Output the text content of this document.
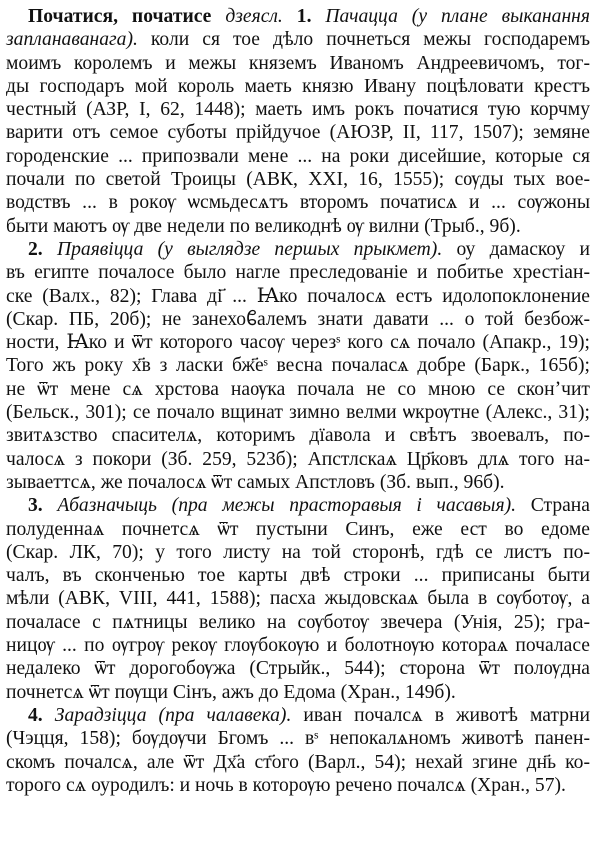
Початися, початисе дзеясл. 1. Пачацца (у плане выканання
запланаванага). коли ся тое дѣло почнеться межы господаремъ
моимъ королемъ и межы княземъ Иваномъ Андреевичомъ, тог-
ды господаръ мой король маеть князю Ивану поцѣловати крестъ
честный (АЗР, I, 62, 1448); маеть имъ рокъ початися тую корчму
варити отъ семое суботы прійдучое (АЮЗР, II, 117, 1507); земяне
городенские ... припозвали мене ... на роки дисейшие, которые ся
почали по светой Троицы (АВК, XXI, 16, 1555); сѹды тых вое-
водствъ ... в рокѹ ѡсмьдесѧтъ второмъ початисѧ и ... сѹжоны
быти маютъ ѹ две недели по великоднѣ ѹ вилни (Трыб., 9б).

2. Праявіцца (у выглядзе першых прыкмет). оу дамаскоу и
въ египте почалосе было нагле преследованіе и побитье хрестіан-
ске (Валх., 82); Глава ді҃ ... Ꙗко почалосѧ естъ идолопоклонение
(Скар. ПБ, 20б); не занехоᲀалемъ знати давати ... о той безбож-
ности, Ꙗко и ѿт которого часѹ черезˢ кого сѧ почало (Апакр., 19);
Того жъ року х҃в з ласки бж҃еˢ весна почаласѧ добре (Барк., 165б);
не ѿт мене сѧ хрстова наѹка почала не со мною се сконʼчит
(Бельск., 301); се почало вщинат зимно велми ѡкрѹтне (Алекс., 31);
звитѧзство спасителѧ, которимъ дїавола и свѣтъ звоевалъ, по-
чалосѧ з покори (Зб. 259, 523б); Апстлскаѧ Цр҃ковъ длѧ того на-
зываеттсѧ, же почалосѧ ѿт самых Апстловъ (Зб. вып., 96б).

3. Абазначыць (пра межы прасторавыя і часавыя). Страна
полуденнаѧ почнетсѧ ѿт пустыни Синъ, еже ест во едоме
(Скар. ЛК, 70); у того листу на той сторонѣ, гдѣ се листъ по-
чалъ, въ сконченью тое карты двѣ строки ... приписаны быти
мѣли (АВК, VIII, 441, 1588); пасха жыдовскаѧ была в сѹботѹ, а
почаласе с пѧтницы велико на сѹботѹ звечера (Унія, 25); гра-
ницѹ ... по ѹгрѹ рекѹ глѹбокѹю и болотнѹю котораѧ почаласе
недалеко ѿт дорогобѹжа (Стрыйк., 544); сторона ѿт полѹдна
почнетсѧ ѿт пѹщи Сінъ, ажъ до Едома (Хран., 149б).

4. Зарадзіцца (пра чалавека). иван почалсѧ в животѣ матрни
(Чэцця, 158); бѹдѹчи Бгомъ ... вˢ непокалѧномъ животѣ панен-
скомъ почалсѧ, але ѿт Дх҃а ст҃ого (Варл., 54); нехай згине дн҃ь ко-
торого сѧ оуродилъ: и ночь в которѹю речено почалсѧ (Хран., 57).
